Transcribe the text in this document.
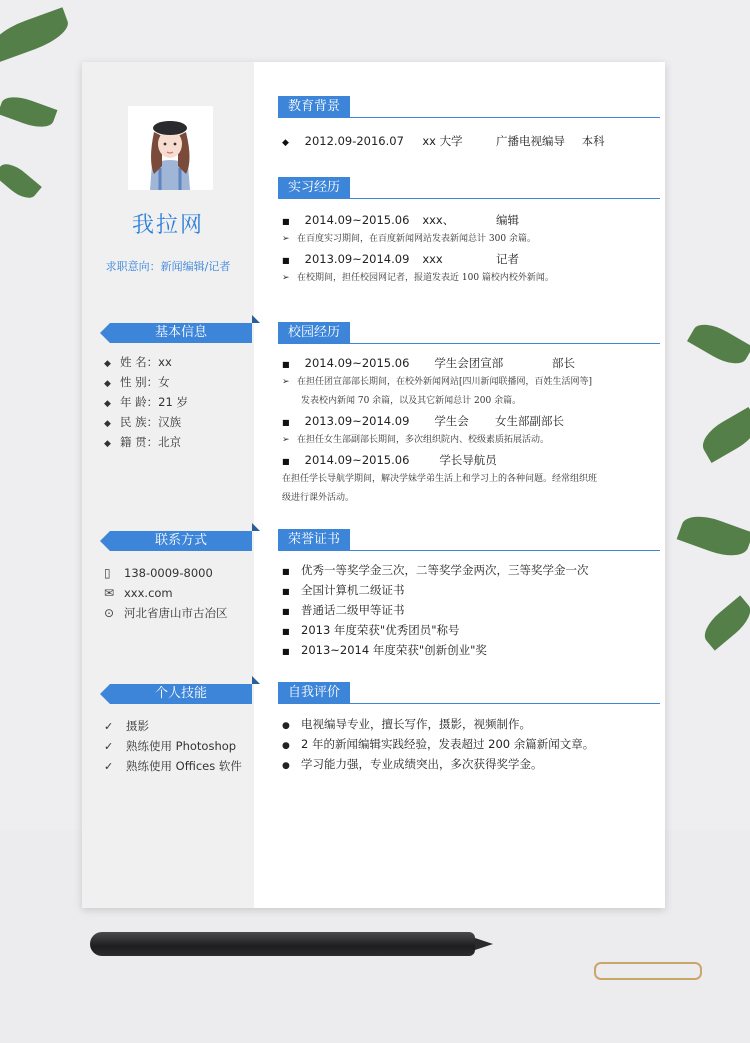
我拉网
求职意向：新闻编辑/记者
基本信息
◆ 姓 名：xx
◆ 性 别：女
◆ 年 龄：21 岁
◆ 民 族：汉族
◆ 籍 贯：北京
联系方式
▯ 138-0009-8000
✉ xxx.com
⊙ 河北省唐山市古冶区
个人技能
✓ 摄影
✓ 熟练使用 Photoshop
✓ 熟练使用 Offices 软件
教育背景
◆ 2012.09-2016.07 xx 大学	广播电视编导 本科
实习经历
■ 2014.09~2015.06 xxx、	编辑
➢ 在百度实习期间，在百度新闻网站发表新闻总计 300 余篇。
■ 2013.09~2014.09 xxx	记者
➢ 在校期间，担任校园网记者，报道发表近 100 篇校内校外新闻。
校园经历
■ 2014.09~2015.06 学生会团宣部	部长
➢ 在担任团宣部部长期间，在校外新闻网站[四川新闻联播网，百姓生活网等]
发表校内新闻 70 余篇，以及其它新闻总计 200 余篇。
■ 2013.09~2014.09 学生会 女生部副部长
➢ 在担任女生部副部长期间，多次组织院内、校级素质拓展活动。
■ 2014.09~2015.06	学长导航员
在担任学长导航学期间，解决学妹学弟生活上和学习上的各种问题。经常组织班
级进行课外活动。
荣誉证书
■ 优秀一等奖学金三次，二等奖学金两次，三等奖学金一次
■ 全国计算机二级证书
■ 普通话二级甲等证书
■ 2013 年度荣获"优秀团员"称号
■ 2013~2014 年度荣获"创新创业"奖
自我评价
● 电视编导专业，擅长写作，摄影，视频制作。
● 2 年的新闻编辑实践经验，发表超过 200 余篇新闻文章。
● 学习能力强，专业成绩突出，多次获得奖学金。
